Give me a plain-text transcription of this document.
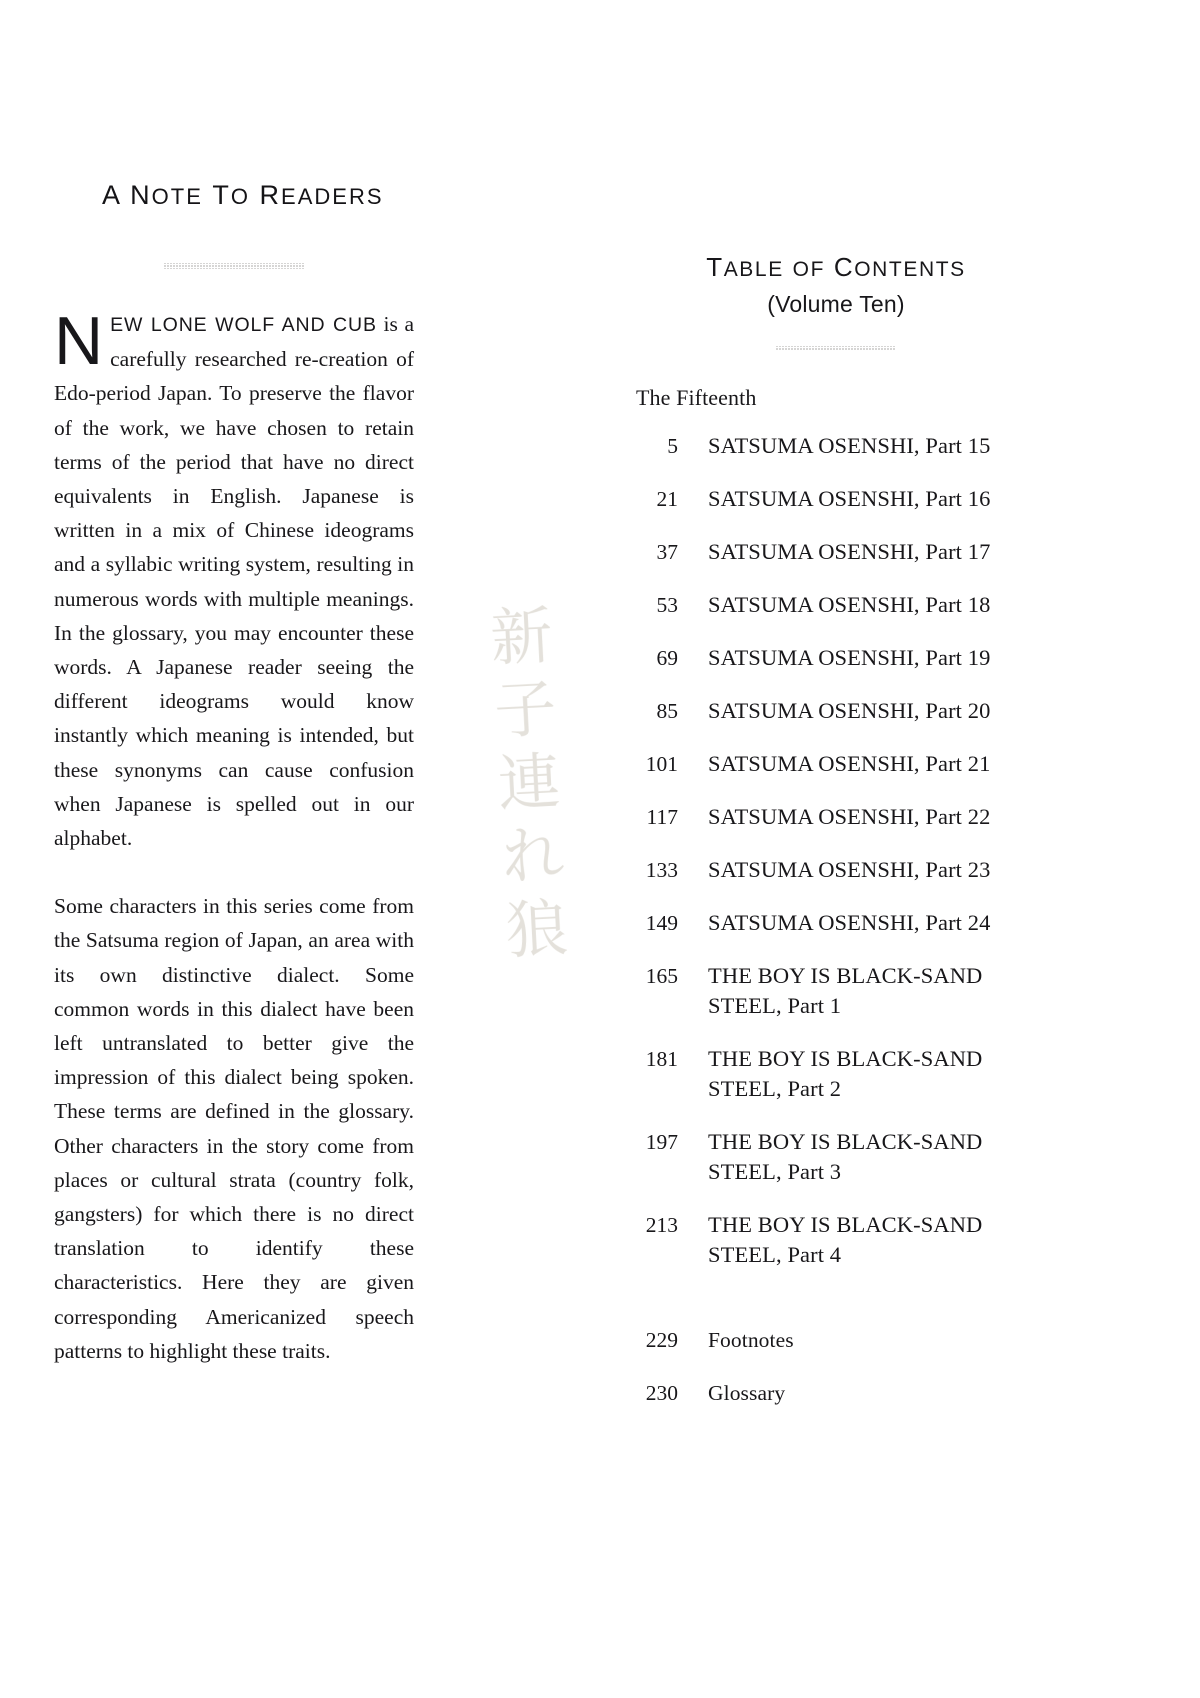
新
子
連
れ
狼
A NOTE TO READERS

NEW LONE WOLF AND CUB is a carefully researched re-creation of Edo-period Japan. To preserve the flavor of the work, we have chosen to retain terms of the period that have no direct equivalents in English. Japanese is written in a mix of Chinese ideograms and a syllabic writing system, resulting in numerous words with multiple meanings. In the glossary, you may encounter these words. A Japanese reader seeing the different ideograms would know instantly which meaning is intended, but these synonyms can cause confusion when Japanese is spelled out in our alphabet.

Some characters in this series come from the Satsuma region of Japan, an area with its own distinctive dialect. Some common words in this dialect have been left untranslated to better give the impression of this dialect being spoken. These terms are defined in the glossary. Other characters in the story come from places or cultural strata (country folk, gangsters) for which there is no direct translation to identify these characteristics. Here they are given corresponding Americanized speech patterns to highlight these traits.

TABLE OF CONTENTS
(Volume Ten)
The Fifteenth
5	SATSUMA OSENSHI, Part 15
21	SATSUMA OSENSHI, Part 16
37	SATSUMA OSENSHI, Part 17
53	SATSUMA OSENSHI, Part 18
69	SATSUMA OSENSHI, Part 19
85	SATSUMA OSENSHI, Part 20
101	SATSUMA OSENSHI, Part 21
117	SATSUMA OSENSHI, Part 22
133	SATSUMA OSENSHI, Part 23
149	SATSUMA OSENSHI, Part 24
165	THE BOY IS BLACK-SAND
STEEL, Part 1
181	THE BOY IS BLACK-SAND
STEEL, Part 2
197	THE BOY IS BLACK-SAND
STEEL, Part 3
213	THE BOY IS BLACK-SAND
STEEL, Part 4
229	Footnotes
230	Glossary
